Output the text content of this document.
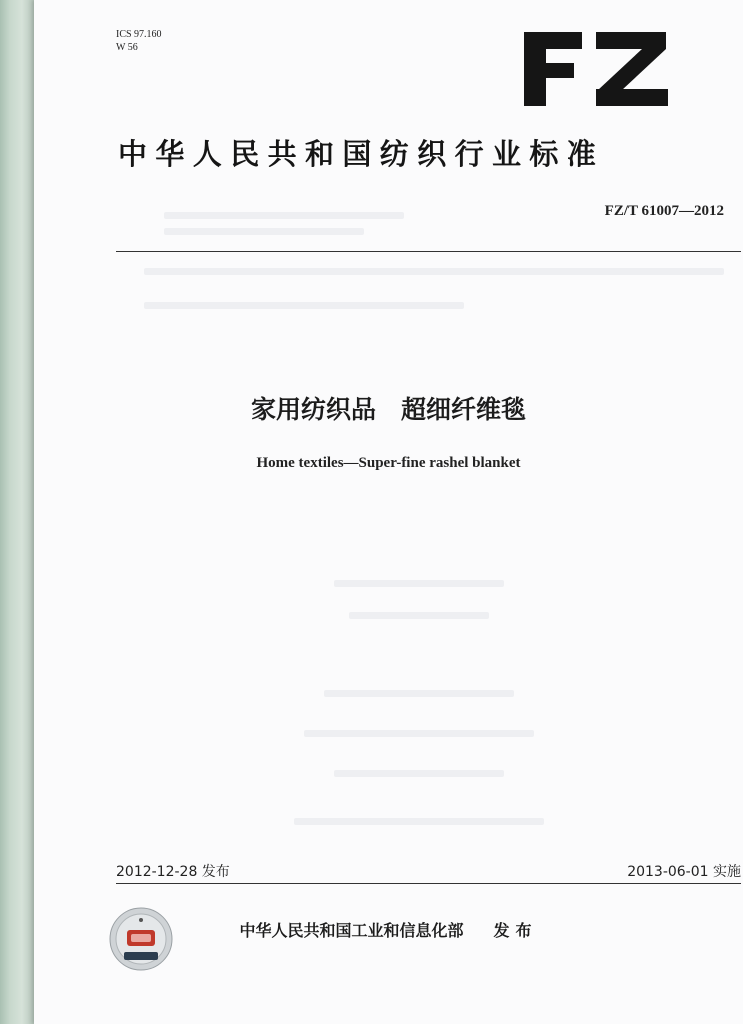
ICS 97.160
W 56
中华人民共和国纺织行业标准
FZ/T 61007—2012
家用纺织品　超细纤维毯
Home textiles—Super-fine rashel blanket
2012-12-28 发布	2013-06-01 实施
中华人民共和国工业和信息化部 发布
